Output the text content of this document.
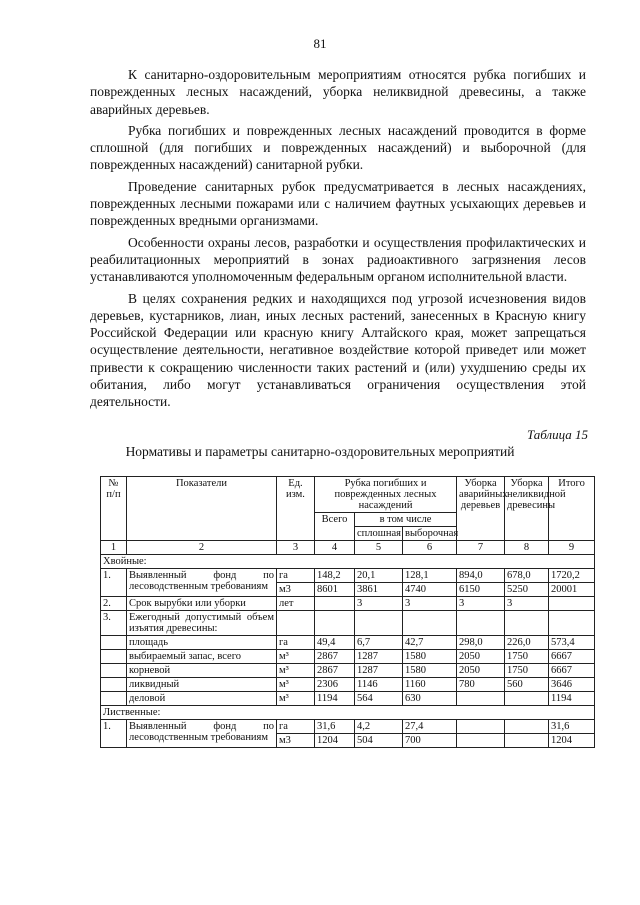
81

К санитарно-оздоровительным мероприятиям относятся рубка погибших и поврежденных лесных насаждений, уборка неликвидной древесины, а также аварийных деревьев.

Рубка погибших и поврежденных лесных насаждений проводится в форме сплошной (для погибших и поврежденных насаждений) и выборочной (для поврежденных насаждений) санитарной рубки.

Проведение санитарных рубок предусматривается в лесных насаждениях, поврежденных лесными пожарами или с наличием фаутных усыхающих деревьев и поврежденных вредными организмами.

Особенности охраны лесов, разработки и осуществления профилактических и реабилитационных мероприятий в зонах радиоактивного загрязнения лесов устанавливаются уполномоченным федеральным органом исполнительной власти.

В целях сохранения редких и находящихся под угрозой исчезновения видов деревьев, кустарников, лиан, иных лесных растений, занесенных в Красную книгу Российской Федерации или красную книгу Алтайского края, может запрещаться осуществление деятельности, негативное воздействие которой приведет или может привести к сокращению численности таких растений и (или) ухудшению среды их обитания, либо могут устанавливаться ограничения осуществления этой деятельности.

Таблица 15
Нормативы и параметры санитарно-оздоровительных мероприятий
№ п/п	Показатели	Ед. изм.	Рубка погибших и поврежденных лесных насаждений			Уборка аварийных деревьев	Уборка неликвидной древесины	Итого
			Всего	в том числе				
				сплошная	выборочная			
1	2	3	4	5	6	7	8	9
Хвойные:								
1.	Выявленный фонд по лесоводственным требованиям	га	148,2	20,1	128,1	894,0	678,0	1720,2
		м3	8601	3861	4740	6150	5250	20001
2.	Срок вырубки или уборки	лет		3	3	3	3	
3.	Ежегодный допустимый объем изъятия древесины:							
	площадь	га	49,4	6,7	42,7	298,0	226,0	573,4
	выбираемый запас, всего	м³	2867	1287	1580	2050	1750	6667
	корневой	м³	2867	1287	1580	2050	1750	6667
	ликвидный	м³	2306	1146	1160	780	560	3646
	деловой	м³	1194	564	630			1194
Лиственные:								
1.	Выявленный фонд по лесоводственным требованиям	га	31,6	4,2	27,4			31,6
		м3	1204	504	700			1204
